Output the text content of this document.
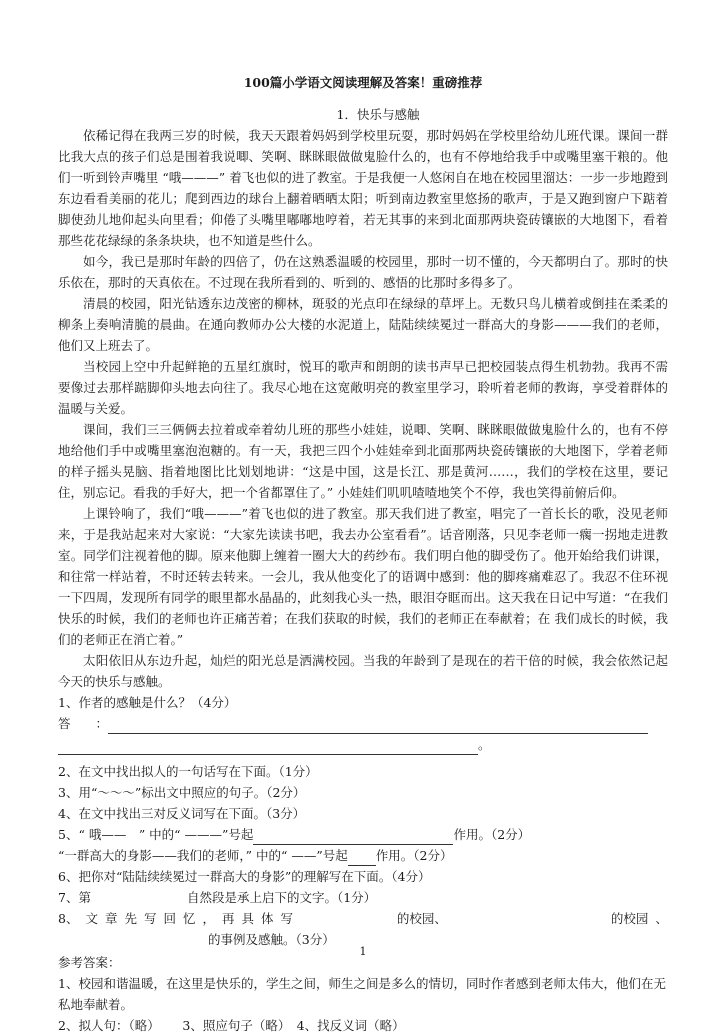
100篇小学语文阅读理解及答案！重磅推荐
1．快乐与感触

依稀记得在我两三岁的时候，我天天跟着妈妈到学校里玩耍，那时妈妈在学校里给幼儿班代课。课间一群比我大点的孩子们总是围着我说唧、笑啊、眯眯眼做做鬼脸什么的，也有不停地给我手中或嘴里塞干粮的。他们一听到铃声嘴里 “哦———” 着飞也似的进了教室。于是我便一人悠闲自在地在校园里溜达：一步一步地蹬到东边看看美丽的花儿；爬到西边的球台上翻着晒晒太阳；听到南边教室里悠扬的歌声，于是又跑到窗户下踮着脚使劲儿地仰起头向里看；仰倦了头嘴里嘟嘟地哼着，若无其事的来到北面那两块瓷砖镶嵌的大地图下，看着那些花花绿绿的条条块块，也不知道是些什么。

如今，我已是那时年龄的四倍了，仍在这熟悉温暖的校园里，那时一切不懂的，今天都明白了。那时的快乐依在，那时的天真依在。不过现在我所看到的、听到的、感悟的比那时多得多了。

清晨的校园，阳光钻透东边茂密的柳林，斑驳的光点印在绿绿的草坪上。无数只鸟儿横着或倒挂在柔柔的柳条上奏响清脆的晨曲。在通向教师办公大楼的水泥道上，陆陆续续冕过一群高大的身影———我们的老师，他们又上班去了。

当校园上空中升起鲜艳的五星红旗时，悦耳的歌声和朗朗的读书声早已把校园装点得生机勃勃。我再不需要像过去那样踮脚仰头地去向往了。我尽心地在这宽敞明亮的教室里学习，聆听着老师的教诲，享受着群体的温暖与关爱。

课间，我们三三俩俩去拉着或牵着幼儿班的那些小娃娃，说唧、笑啊、眯眯眼做做鬼脸什么的，也有不停地给他们手中或嘴里塞泡泡糖的。有一天，我把三四个小娃娃牵到北面那两块瓷砖镶嵌的大地图下，学着老师的样子摇头晃脑、指着地图比比划划地讲：“这是中国，这是长江、那是黄河……，我们的学校在这里，要记住，别忘记。看我的手好大，把一个省都罩住了。” 小娃娃们叽叽喳喳地笑个不停，我也笑得前俯后仰。

上课铃响了，我们“哦———”着飞也似的进了教室。那天我们进了教室，唱完了一首长长的歌，没见老师来，于是我站起来对大家说：“大家先读读书吧，我去办公室看看”。话音刚落，只见李老师一瘸一拐地走进教室。同学们注视着他的脚。原来他脚上缠着一圈大大的药纱布。我们明白他的脚受伤了。他开始给我们讲课，和往常一样站着，不时还转去转来。一会儿，我从他变化了的语调中感到：他的脚疼痛难忍了。我忍不住环视一下四周，发现所有同学的眼里都水晶晶的，此刻我心头一热，眼泪夺眶而出。这天我在日记中写道：“在我们快乐的时候，我们的老师也许正痛苦着；在我们获取的时候，我们的老师正在奉献着；在 我们成长的时候，我们的老师正在消亡着。”

太阳依旧从东边升起，灿烂的阳光总是洒满校园。当我的年龄到了是现在的若干倍的时候，我会依然记起今天的快乐与感触。

1、作者的感触是什么？（4分）
答　　：
。
2、在文中找出拟人的一句话写在下面。（1分）
3、用“～～～”标出文中照应的句子。（2分）
4、在文中找出三对反义词写在下面。（3分）
5、“ 哦——　” 中的“ ———”号起	作用。（2分）
“一群高大的身影——我们的老师，” 中的“ ——”号起 作用。（2分）
6、把你对“陆陆续续冕过一群高大的身影”的理解写在下面。（4分）
7、第	自然段是承上启下的文字。（1分）
8、 文 章 先 写 回 忆 ， 再 具 体 写	的校园、	的校园 、
的事例及感触。（3分）
参考答案：
1、校园和谐温暖，在这里是快乐的，学生之间，师生之间是多么的情切，同时作者感到老师太伟大，他们在无私地奉献着。
2、拟人句：（略）　　 3、照应句子（略）　4、找反义词（略）
1
